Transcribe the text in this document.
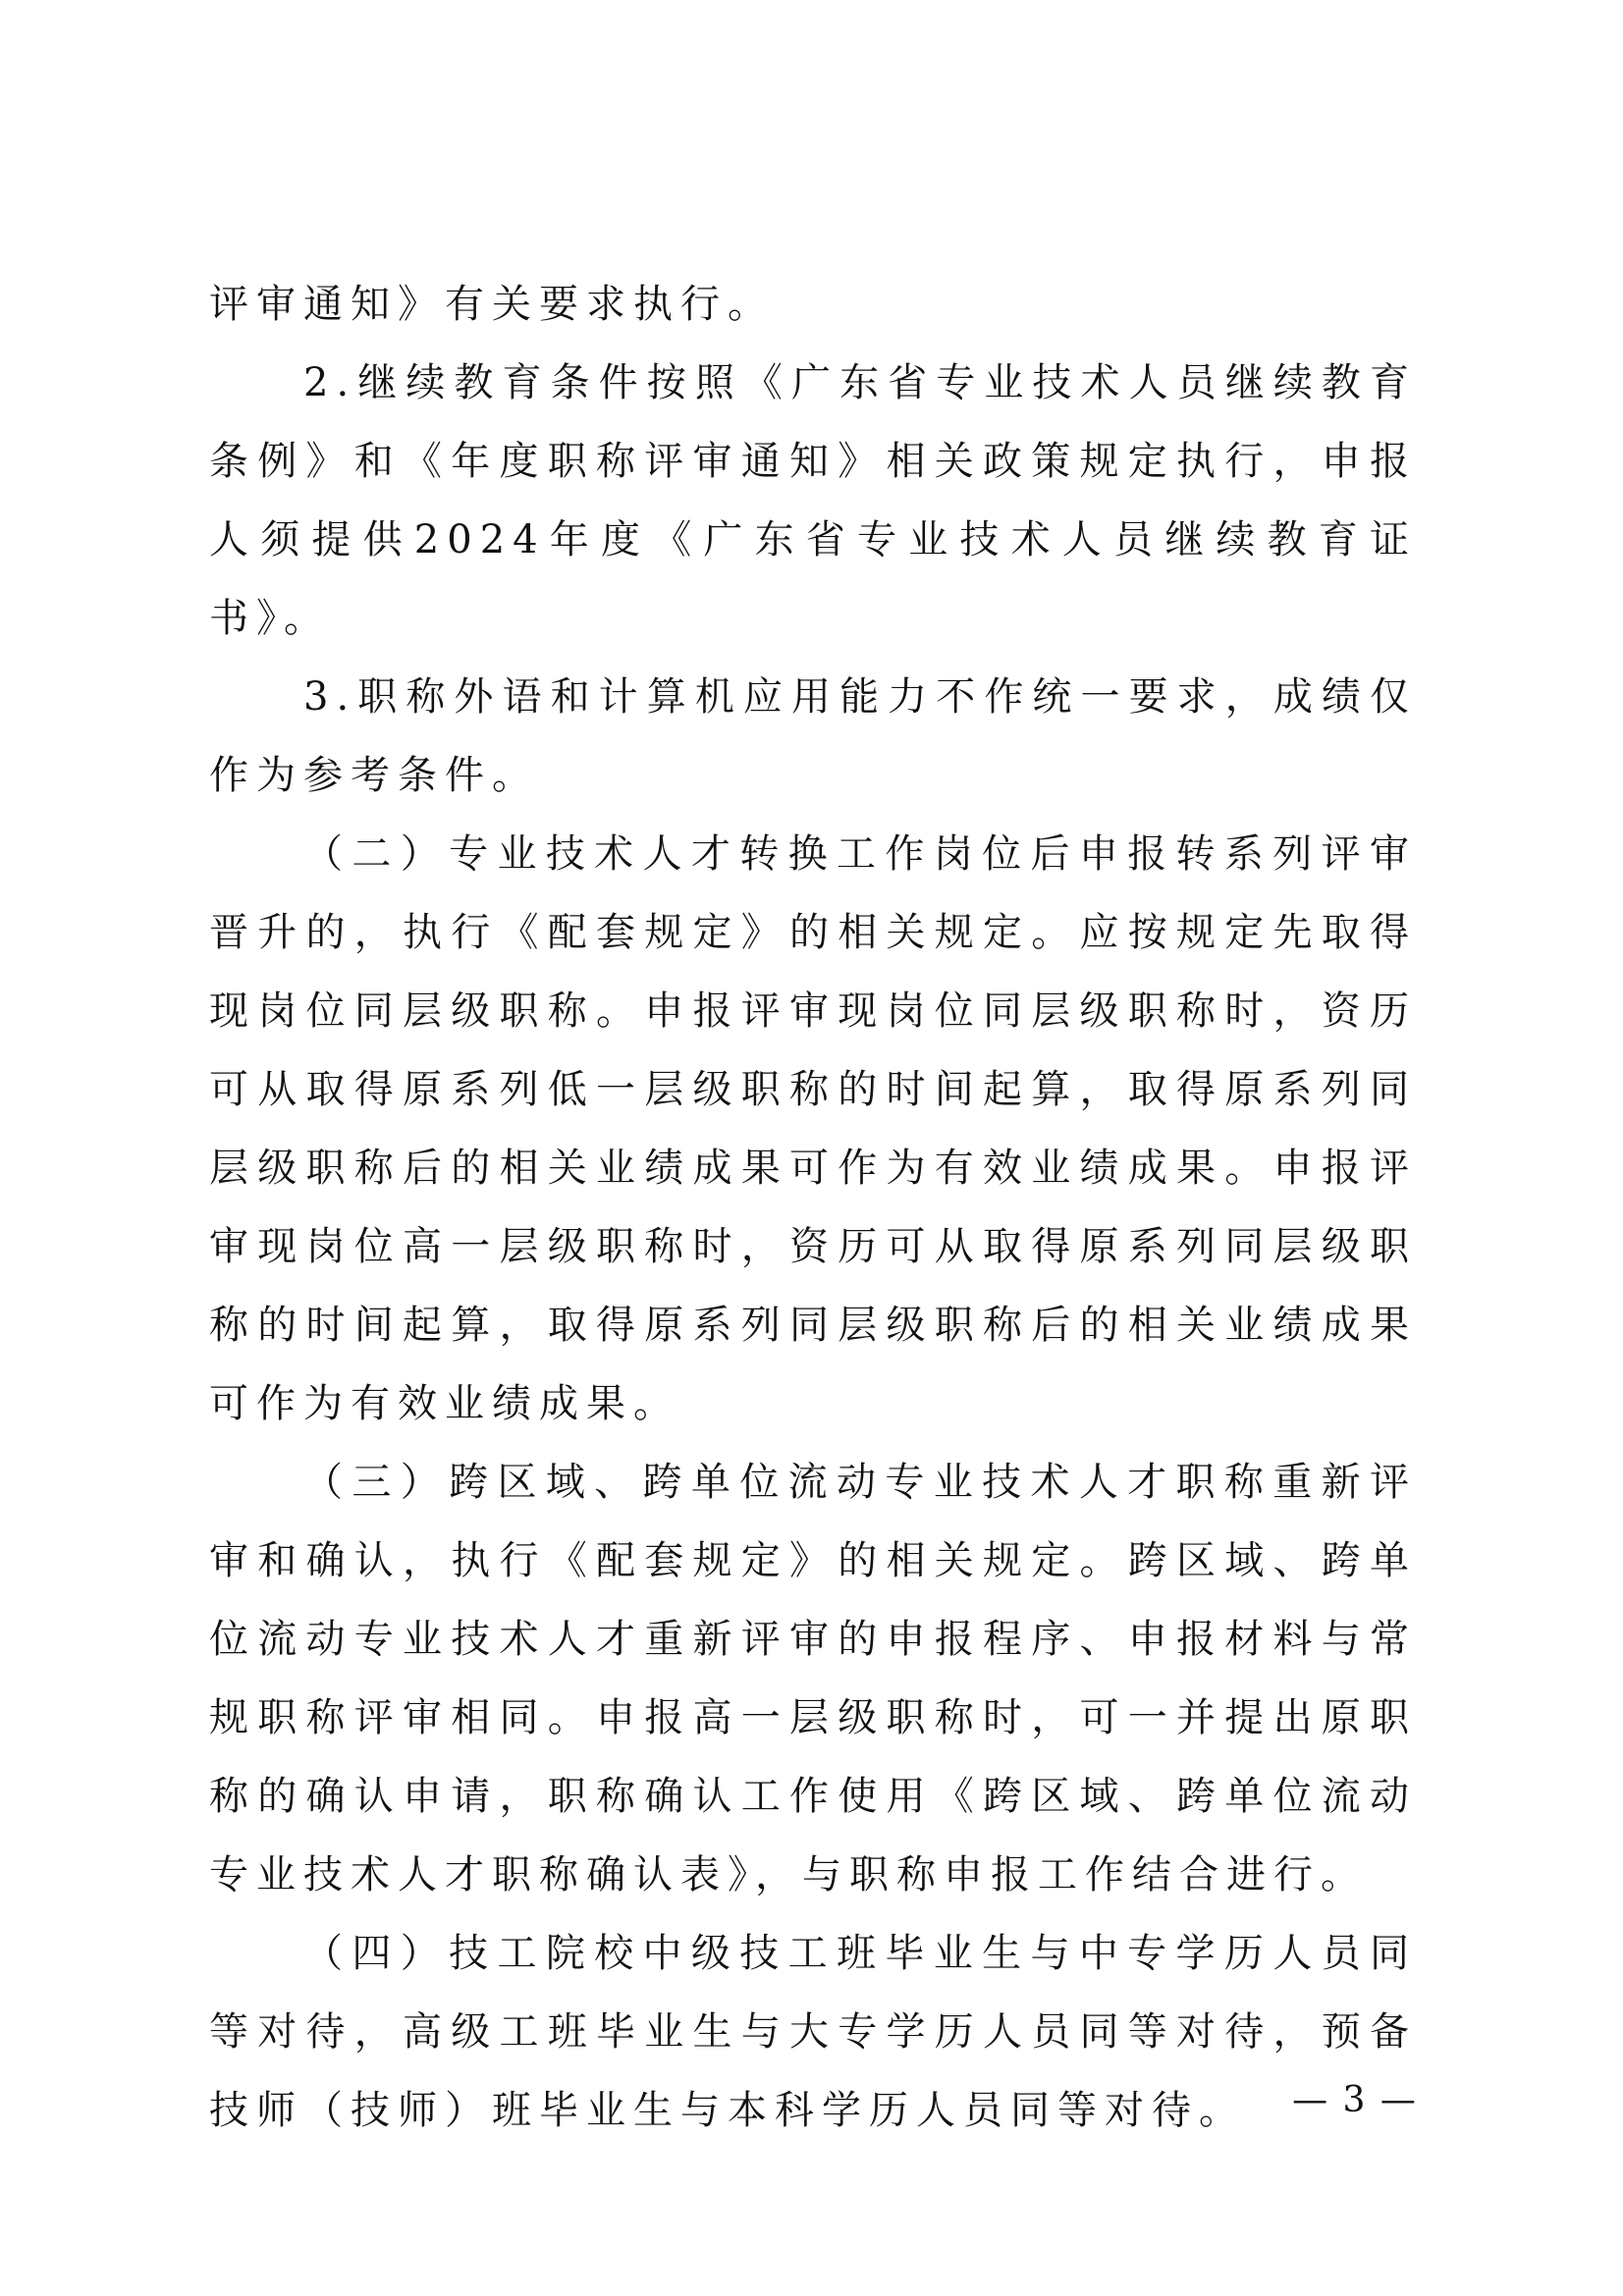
评审通知》有关要求执行。

2.继续教育条件按照《广东省专业技术人员继续教育条例》和《年度职称评审通知》相关政策规定执行，申报人须提供2024年度《广东省专业技术人员继续教育证书》。

3.职称外语和计算机应用能力不作统一要求，成绩仅作为参考条件。

（二）专业技术人才转换工作岗位后申报转系列评审晋升的，执行《配套规定》的相关规定。应按规定先取得现岗位同层级职称。申报评审现岗位同层级职称时，资历可从取得原系列低一层级职称的时间起算，取得原系列同层级职称后的相关业绩成果可作为有效业绩成果。申报评审现岗位高一层级职称时，资历可从取得原系列同层级职称的时间起算，取得原系列同层级职称后的相关业绩成果可作为有效业绩成果。

（三）跨区域、跨单位流动专业技术人才职称重新评审和确认，执行《配套规定》的相关规定。跨区域、跨单位流动专业技术人才重新评审的申报程序、申报材料与常规职称评审相同。申报高一层级职称时，可一并提出原职称的确认申请，职称确认工作使用《跨区域、跨单位流动专业技术人才职称确认表》，与职称申报工作结合进行。

（四）技工院校中级技工班毕业生与中专学历人员同等对待，高级工班毕业生与大专学历人员同等对待，预备技师（技师）班毕业生与本科学历人员同等对待。	— 3 —
